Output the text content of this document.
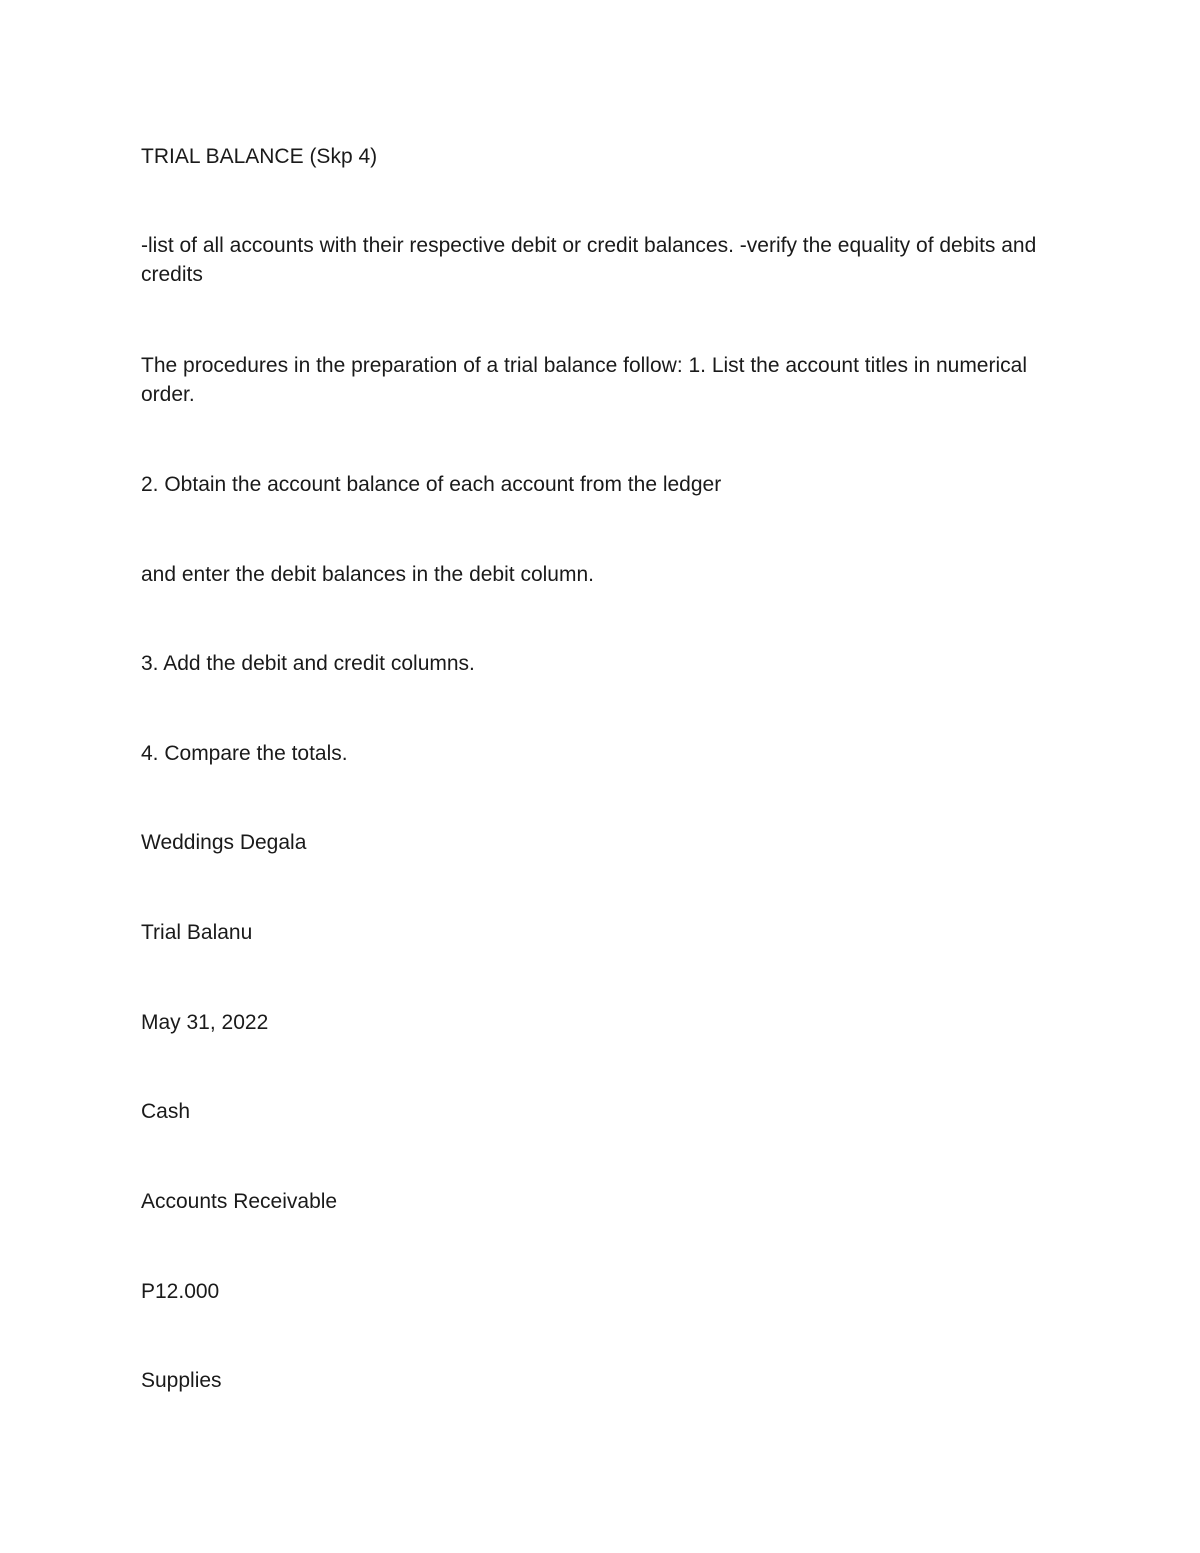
TRIAL BALANCE (Skp 4)

-list of all accounts with their respective debit or credit balances. -verify the equality of debits and credits

The procedures in the preparation of a trial balance follow: 1. List the account titles in numerical order.

2. Obtain the account balance of each account from the ledger

and enter the debit balances in the debit column.

3. Add the debit and credit columns.

4. Compare the totals.

Weddings Degala

Trial Balanu

May 31, 2022

Cash

Accounts Receivable

P12.000

Supplies
